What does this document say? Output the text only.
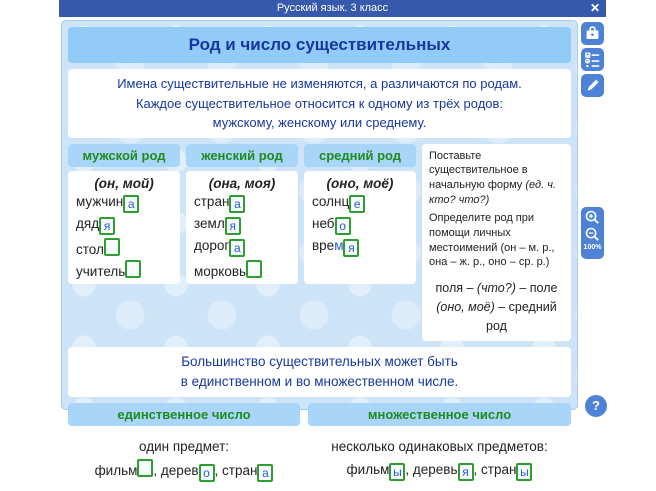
Русский язык. 3 класс	✕
Род и число существительных
Имена существительные не изменяются, а различаются по родам.
Каждое существительное относится к одному из трёх родов:
мужскому, женскому или среднему.
мужской род
(он, мой)
мужчин а
дяд я
стол
учитель
женский род
(она, моя)
стран а
земл я
дорог а
морковь
средний род
(оно, моё)
солнц е
неб о
врем я

Поставьте существительное в начальную форму (ед. ч. кто? что?)

Определите род при помощи личных местоимений (он – м. р., она – ж. р., оно – ср. р.)

поля – (что?) – поле
(оно, моё) – средний род
Большинство существительных может быть
в единственном и во множественном числе.
единственное число
один предмет:
фильм , дерев о , стран а
множественное число
несколько одинаковых предметов:
фильм ы , деревь я , стран ы
100%
?
